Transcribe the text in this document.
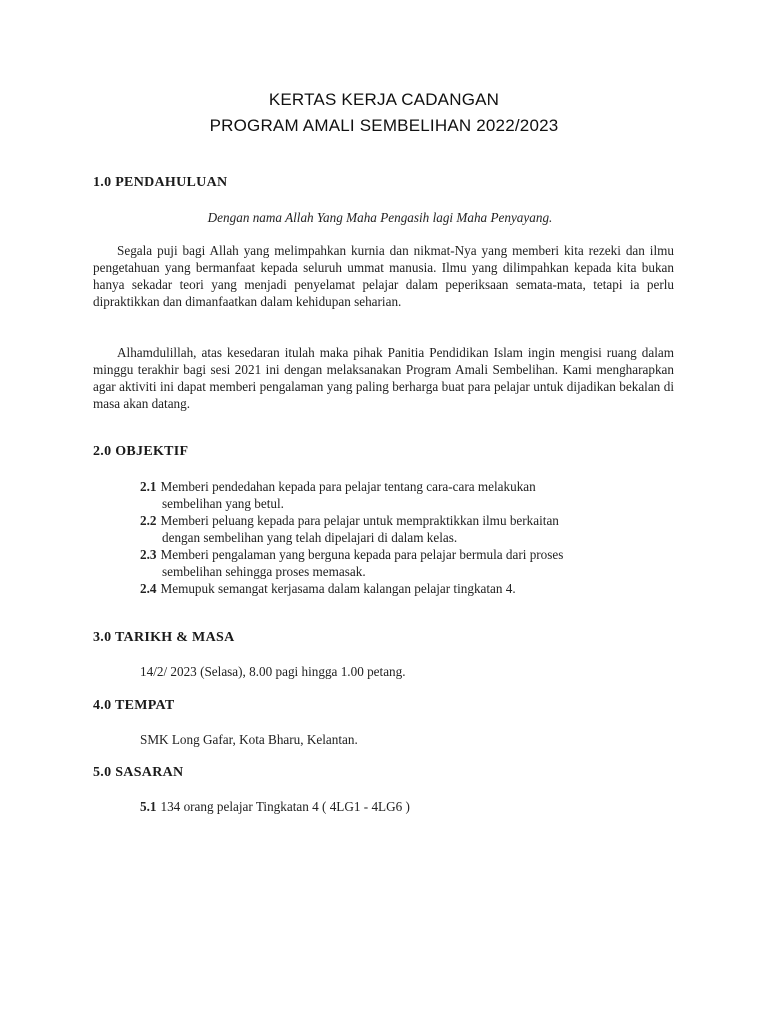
KERTAS KERJA CADANGAN
PROGRAM AMALI SEMBELIHAN 2022/2023
1.0 PENDAHULUAN
Dengan nama Allah Yang Maha Pengasih lagi Maha Penyayang.
Segala puji bagi Allah yang melimpahkan kurnia dan nikmat-Nya yang memberi kita rezeki dan ilmu pengetahuan yang bermanfaat kepada seluruh ummat manusia. Ilmu yang dilimpahkan kepada kita bukan hanya sekadar teori yang menjadi penyelamat pelajar dalam peperiksaan semata-mata, tetapi ia perlu dipraktikkan dan dimanfaatkan dalam kehidupan seharian.
Alhamdulillah, atas kesedaran itulah maka pihak Panitia Pendidikan Islam ingin mengisi ruang dalam minggu terakhir bagi sesi 2021 ini dengan melaksanakan Program Amali Sembelihan. Kami mengharapkan agar aktiviti ini dapat memberi pengalaman yang paling berharga buat para pelajar untuk dijadikan bekalan di masa akan datang.
2.0 OBJEKTIF
2.1 Memberi pendedahan kepada para pelajar tentang cara-cara melakukan
sembelihan yang betul.
2.2 Memberi peluang kepada para pelajar untuk mempraktikkan ilmu berkaitan
dengan sembelihan yang telah dipelajari di dalam kelas.
2.3 Memberi pengalaman yang berguna kepada para pelajar bermula dari proses
sembelihan sehingga proses memasak.
2.4 Memupuk semangat kerjasama dalam kalangan pelajar tingkatan 4.
3.0 TARIKH & MASA
14/2/ 2023 (Selasa), 8.00 pagi hingga 1.00 petang.
4.0 TEMPAT
SMK Long Gafar, Kota Bharu, Kelantan.
5.0 SASARAN
5.1 134 orang pelajar Tingkatan 4 ( 4LG1 - 4LG6 )
